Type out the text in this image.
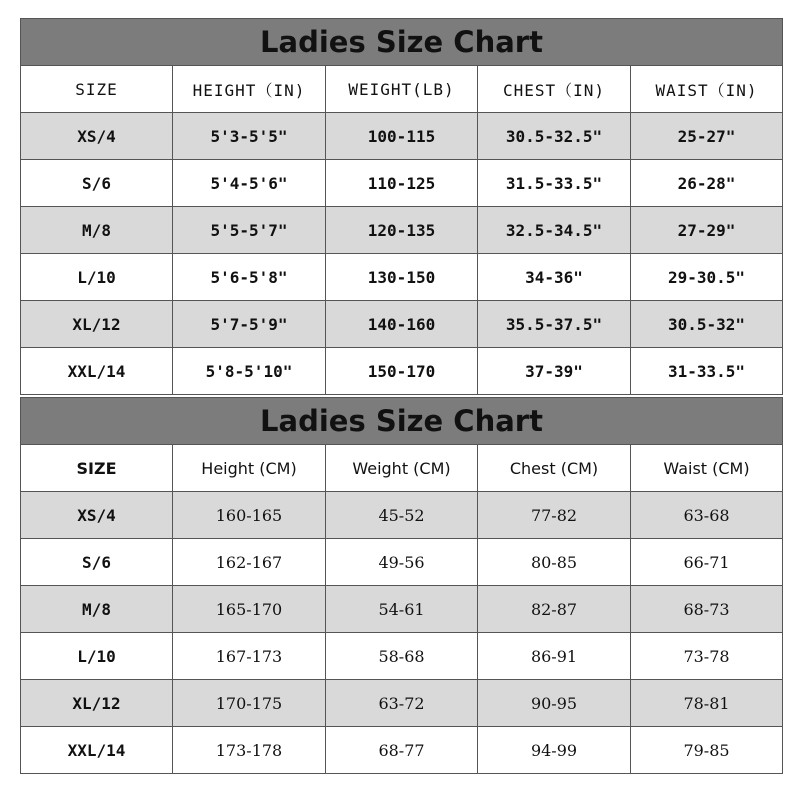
Ladies Size Chart				
SIZE	HEIGHT（IN)	WEIGHT(LB)	CHEST（IN)	WAIST（IN)
XS/4	5'3-5'5"	100-115	30.5-32.5"	25-27"
S/6	5'4-5'6"	110-125	31.5-33.5"	26-28"
M/8	5'5-5'7"	120-135	32.5-34.5"	27-29"
L/10	5'6-5'8"	130-150	34-36"	29-30.5"
XL/12	5'7-5'9"	140-160	35.5-37.5"	30.5-32"
XXL/14	5'8-5'10"	150-170	37-39"	31-33.5"
Ladies Size Chart				
SIZE	Height (CM)	Weight (CM)	Chest (CM)	Waist (CM)
XS/4	160-165	45-52	77-82	63-68
S/6	162-167	49-56	80-85	66-71
M/8	165-170	54-61	82-87	68-73
L/10	167-173	58-68	86-91	73-78
XL/12	170-175	63-72	90-95	78-81
XXL/14	173-178	68-77	94-99	79-85
